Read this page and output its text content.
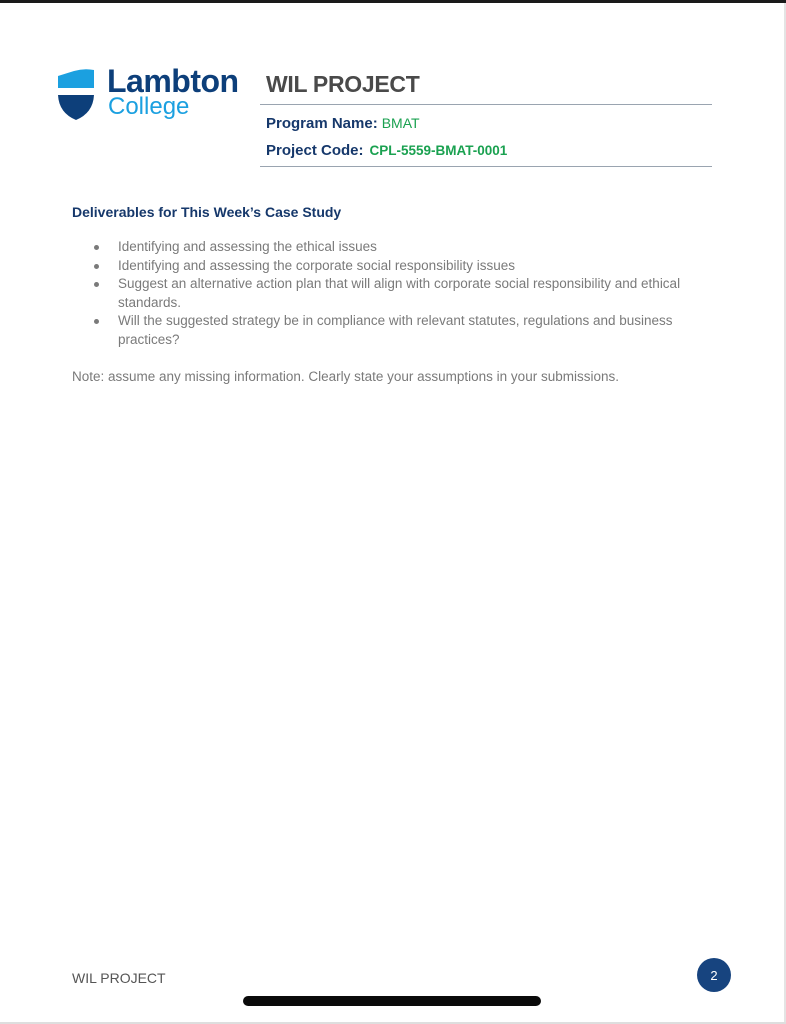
Lambton
College
WIL PROJECT
Program Name: BMAT
Project Code: CPL-5559-BMAT-0001
Deliverables for This Week’s Case Study
Identifying and assessing the ethical issues
Identifying and assessing the corporate social responsibility issues
Suggest an alternative action plan that will align with corporate social responsibility and ethical standards.
Will the suggested strategy be in compliance with relevant statutes, regulations and business practices?
Note: assume any missing information. Clearly state your assumptions in your submissions.
WIL PROJECT	2
